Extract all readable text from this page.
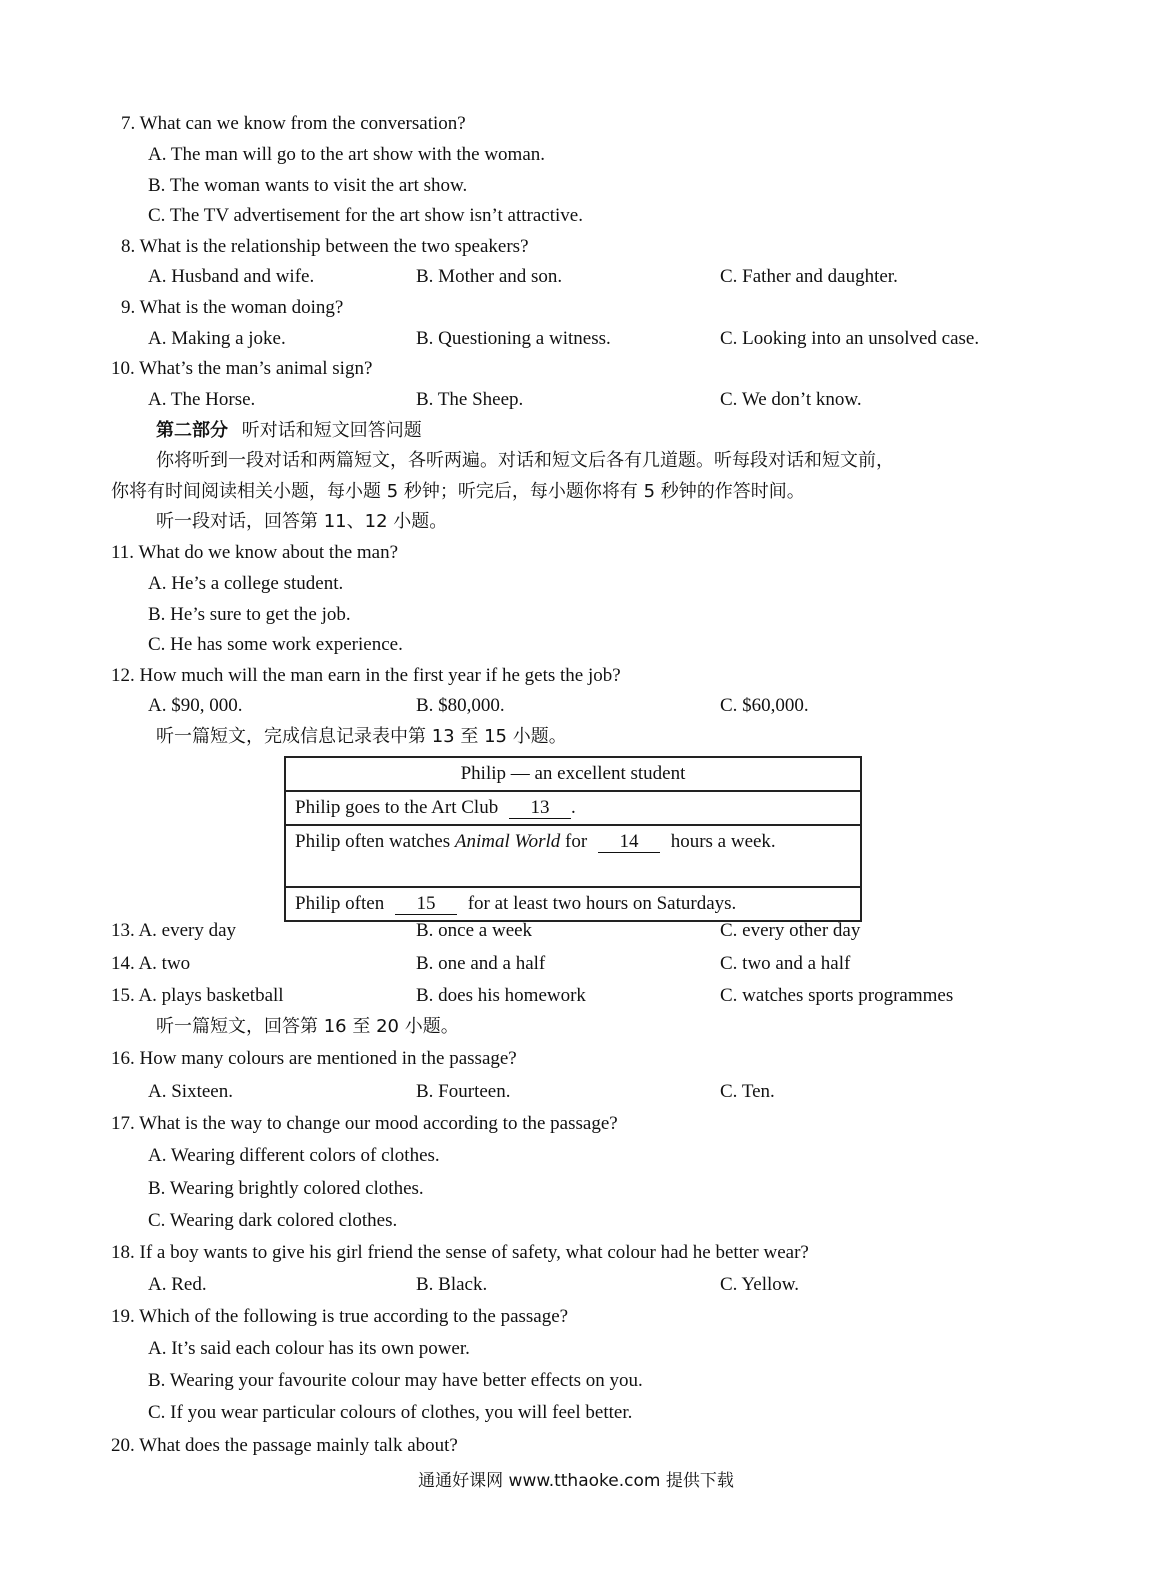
7. What can we know from the conversation?
A. The man will go to the art show with the woman.
B. The woman wants to visit the art show.
C. The TV advertisement for the art show isn’t attractive.
8. What is the relationship between the two speakers?
A. Husband and wife.	B. Mother and son.	C. Father and daughter.
9. What is the woman doing?
A. Making a joke.	B. Questioning a witness.	C. Looking into an unsolved case.
10. What’s the man’s animal sign?
A. The Horse.	B. The Sheep.	C. We don’t know.
第二部分 听对话和短文回答问题
你将听到一段对话和两篇短文，各听两遍。对话和短文后各有几道题。听每段对话和短文前，
你将有时间阅读相关小题，每小题 5 秒钟；听完后，每小题你将有 5 秒钟的作答时间。
听一段对话，回答第 11、12 小题。
11. What do we know about the man?
A. He’s a college student.
B. He’s sure to get the job.
C. He has some work experience.
12. How much will the man earn in the first year if he gets the job?
A. $90, 000.	B. $80,000.	C. $60,000.
听一篇短文，完成信息记录表中第 13 至 15 小题。
Philip — an excellent student
Philip goes to the Art Club 13 .
Philip often watches Animal World for 14 hours a week.
Philip often 15 for at least two hours on Saturdays.
13. A. every day	B. once a week	C. every other day
14. A. two	B. one and a half	C. two and a half
15. A. plays basketball	B. does his homework	C. watches sports programmes
听一篇短文，回答第 16 至 20 小题。
16. How many colours are mentioned in the passage?
A. Sixteen.	B. Fourteen.	C. Ten.
17. What is the way to change our mood according to the passage?
A. Wearing different colors of clothes.
B. Wearing brightly colored clothes.
C. Wearing dark colored clothes.
18. If a boy wants to give his girl friend the sense of safety, what colour had he better wear?
A. Red.	B. Black.	C. Yellow.
19. Which of the following is true according to the passage?
A. It’s said each colour has its own power.
B. Wearing your favourite colour may have better effects on you.
C. If you wear particular colours of clothes, you will feel better.
20. What does the passage mainly talk about?
通通好课网 www.tthaoke.com 提供下载
